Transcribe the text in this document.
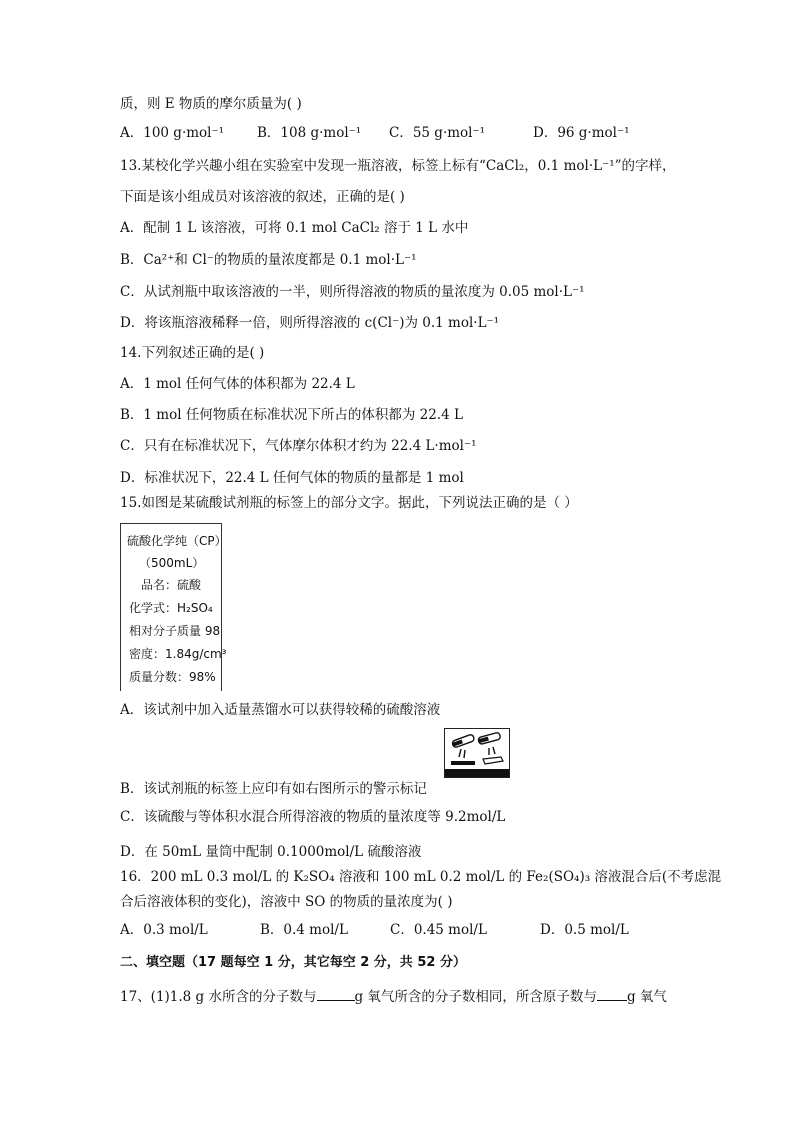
质，则 E 物质的摩尔质量为( )
A．100 g·mol⁻¹ B．108 g·mol⁻¹ C．55 g·mol⁻¹	D．96 g·mol⁻¹
13.某校化学兴趣小组在实验室中发现一瓶溶液，标签上标有“CaCl₂，0.1 mol·L⁻¹”的字样，
下面是该小组成员对该溶液的叙述，正确的是( )
A．配制 1 L 该溶液，可将 0.1 mol CaCl₂ 溶于 1 L 水中
B．Ca²⁺和 Cl⁻的物质的量浓度都是 0.1 mol·L⁻¹
C．从试剂瓶中取该溶液的一半，则所得溶液的物质的量浓度为 0.05 mol·L⁻¹
D．将该瓶溶液稀释一倍，则所得溶液的 c(Cl⁻)为 0.1 mol·L⁻¹
14.下列叙述正确的是( )
A．1 mol 任何气体的体积都为 22.4 L
B．1 mol 任何物质在标准状况下所占的体积都为 22.4 L
C．只有在标准状况下，气体摩尔体积才约为 22.4 L·mol⁻¹
D．标准状况下，22.4 L 任何气体的物质的量都是 1 mol
15.如图是某硫酸试剂瓶的标签上的部分文字。据此，下列说法正确的是（ ）
硫酸化学纯（CP）
（500mL）
品名：硫酸
化学式：H₂SO₄
相对分子质量 98
密度：1.84g/cm³
质量分数：98%
A．该试剂中加入适量蒸馏水可以获得较稀的硫酸溶液
B．该试剂瓶的标签上应印有如右图所示的警示标记
C．该硫酸与等体积水混合所得溶液的物质的量浓度等 9.2mol/L
D．在 50mL 量筒中配制 0.1000mol/L 硫酸溶液
16．200 mL 0.3 mol/L 的 K₂SO₄ 溶液和 100 mL 0.2 mol/L 的 Fe₂(SO₄)₃ 溶液混合后(不考虑混
合后溶液体积的变化)，溶液中 SO 的物质的量浓度为( )
A．0.3 mol/L	B．0.4 mol/L	C．0.45 mol/L	D．0.5 mol/L
二、填空题（17 题每空 1 分，其它每空 2 分，共 52 分）
17、(1)1.8 g 水所含的分子数与	g 氧气所含的分子数相同，所含原子数与 g 氧气
